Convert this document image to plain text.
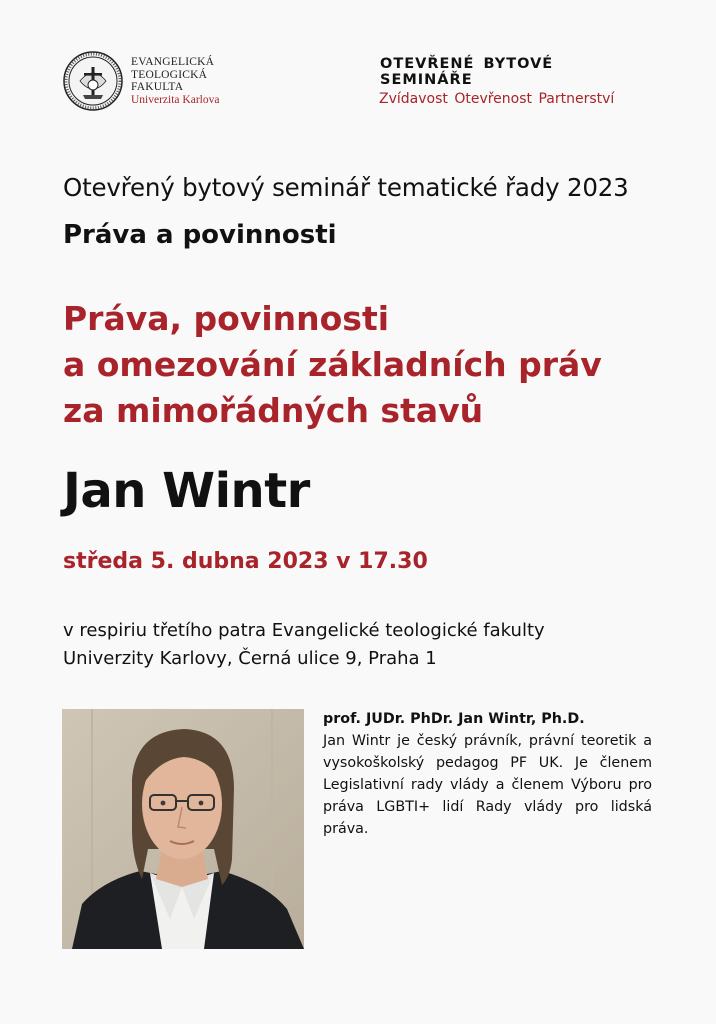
EVANGELICKÁ
TEOLOGICKÁ
FAKULTA
Univerzita Karlova
OTEVŘENÉ BYTOVÉ SEMINÁŘE
Zvídavost Otevřenost Partnerství
Otevřený bytový seminář tematické řady 2023
Práva a povinnosti
Práva, povinnosti
a omezování základních práv
za mimořádných stavů
Jan Wintr
středa 5. dubna 2023 v 17.30
v respiriu třetího patra Evangelické teologické fakulty
Univerzity Karlovy, Černá ulice 9, Praha 1
prof. JUDr. PhDr. Jan Wintr, Ph.D.
Jan Wintr je český právník, právní teoretik a vysokoškolský pedagog PF UK. Je členem Legislativní rady vlády a členem Výboru pro práva LGBTI+ lidí Rady vlády pro lidská práva.
